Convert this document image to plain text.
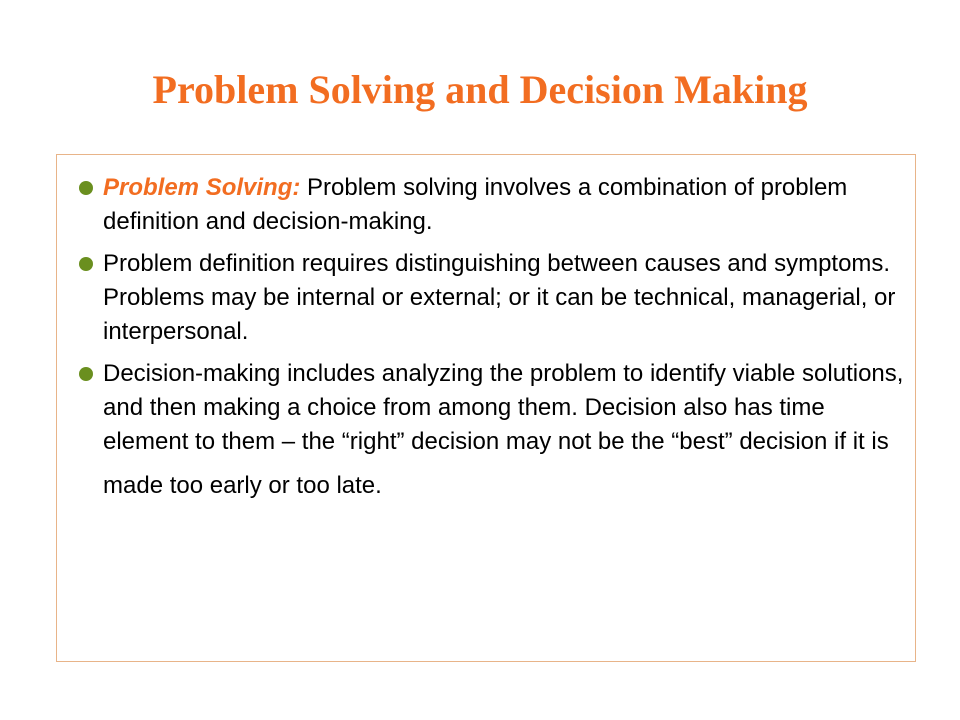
Problem Solving and Decision Making
Problem Solving: Problem solving involves a combination of problem definition and decision-making.
Problem definition requires distinguishing between causes and symptoms. Problems may be internal or external; or it can be technical, managerial, or interpersonal.
Decision-making includes analyzing the problem to identify viable solutions, and then making a choice from among them. Decision also has time element to them – the “right” decision may not be the “best” decision if it is
made too early or too late.
